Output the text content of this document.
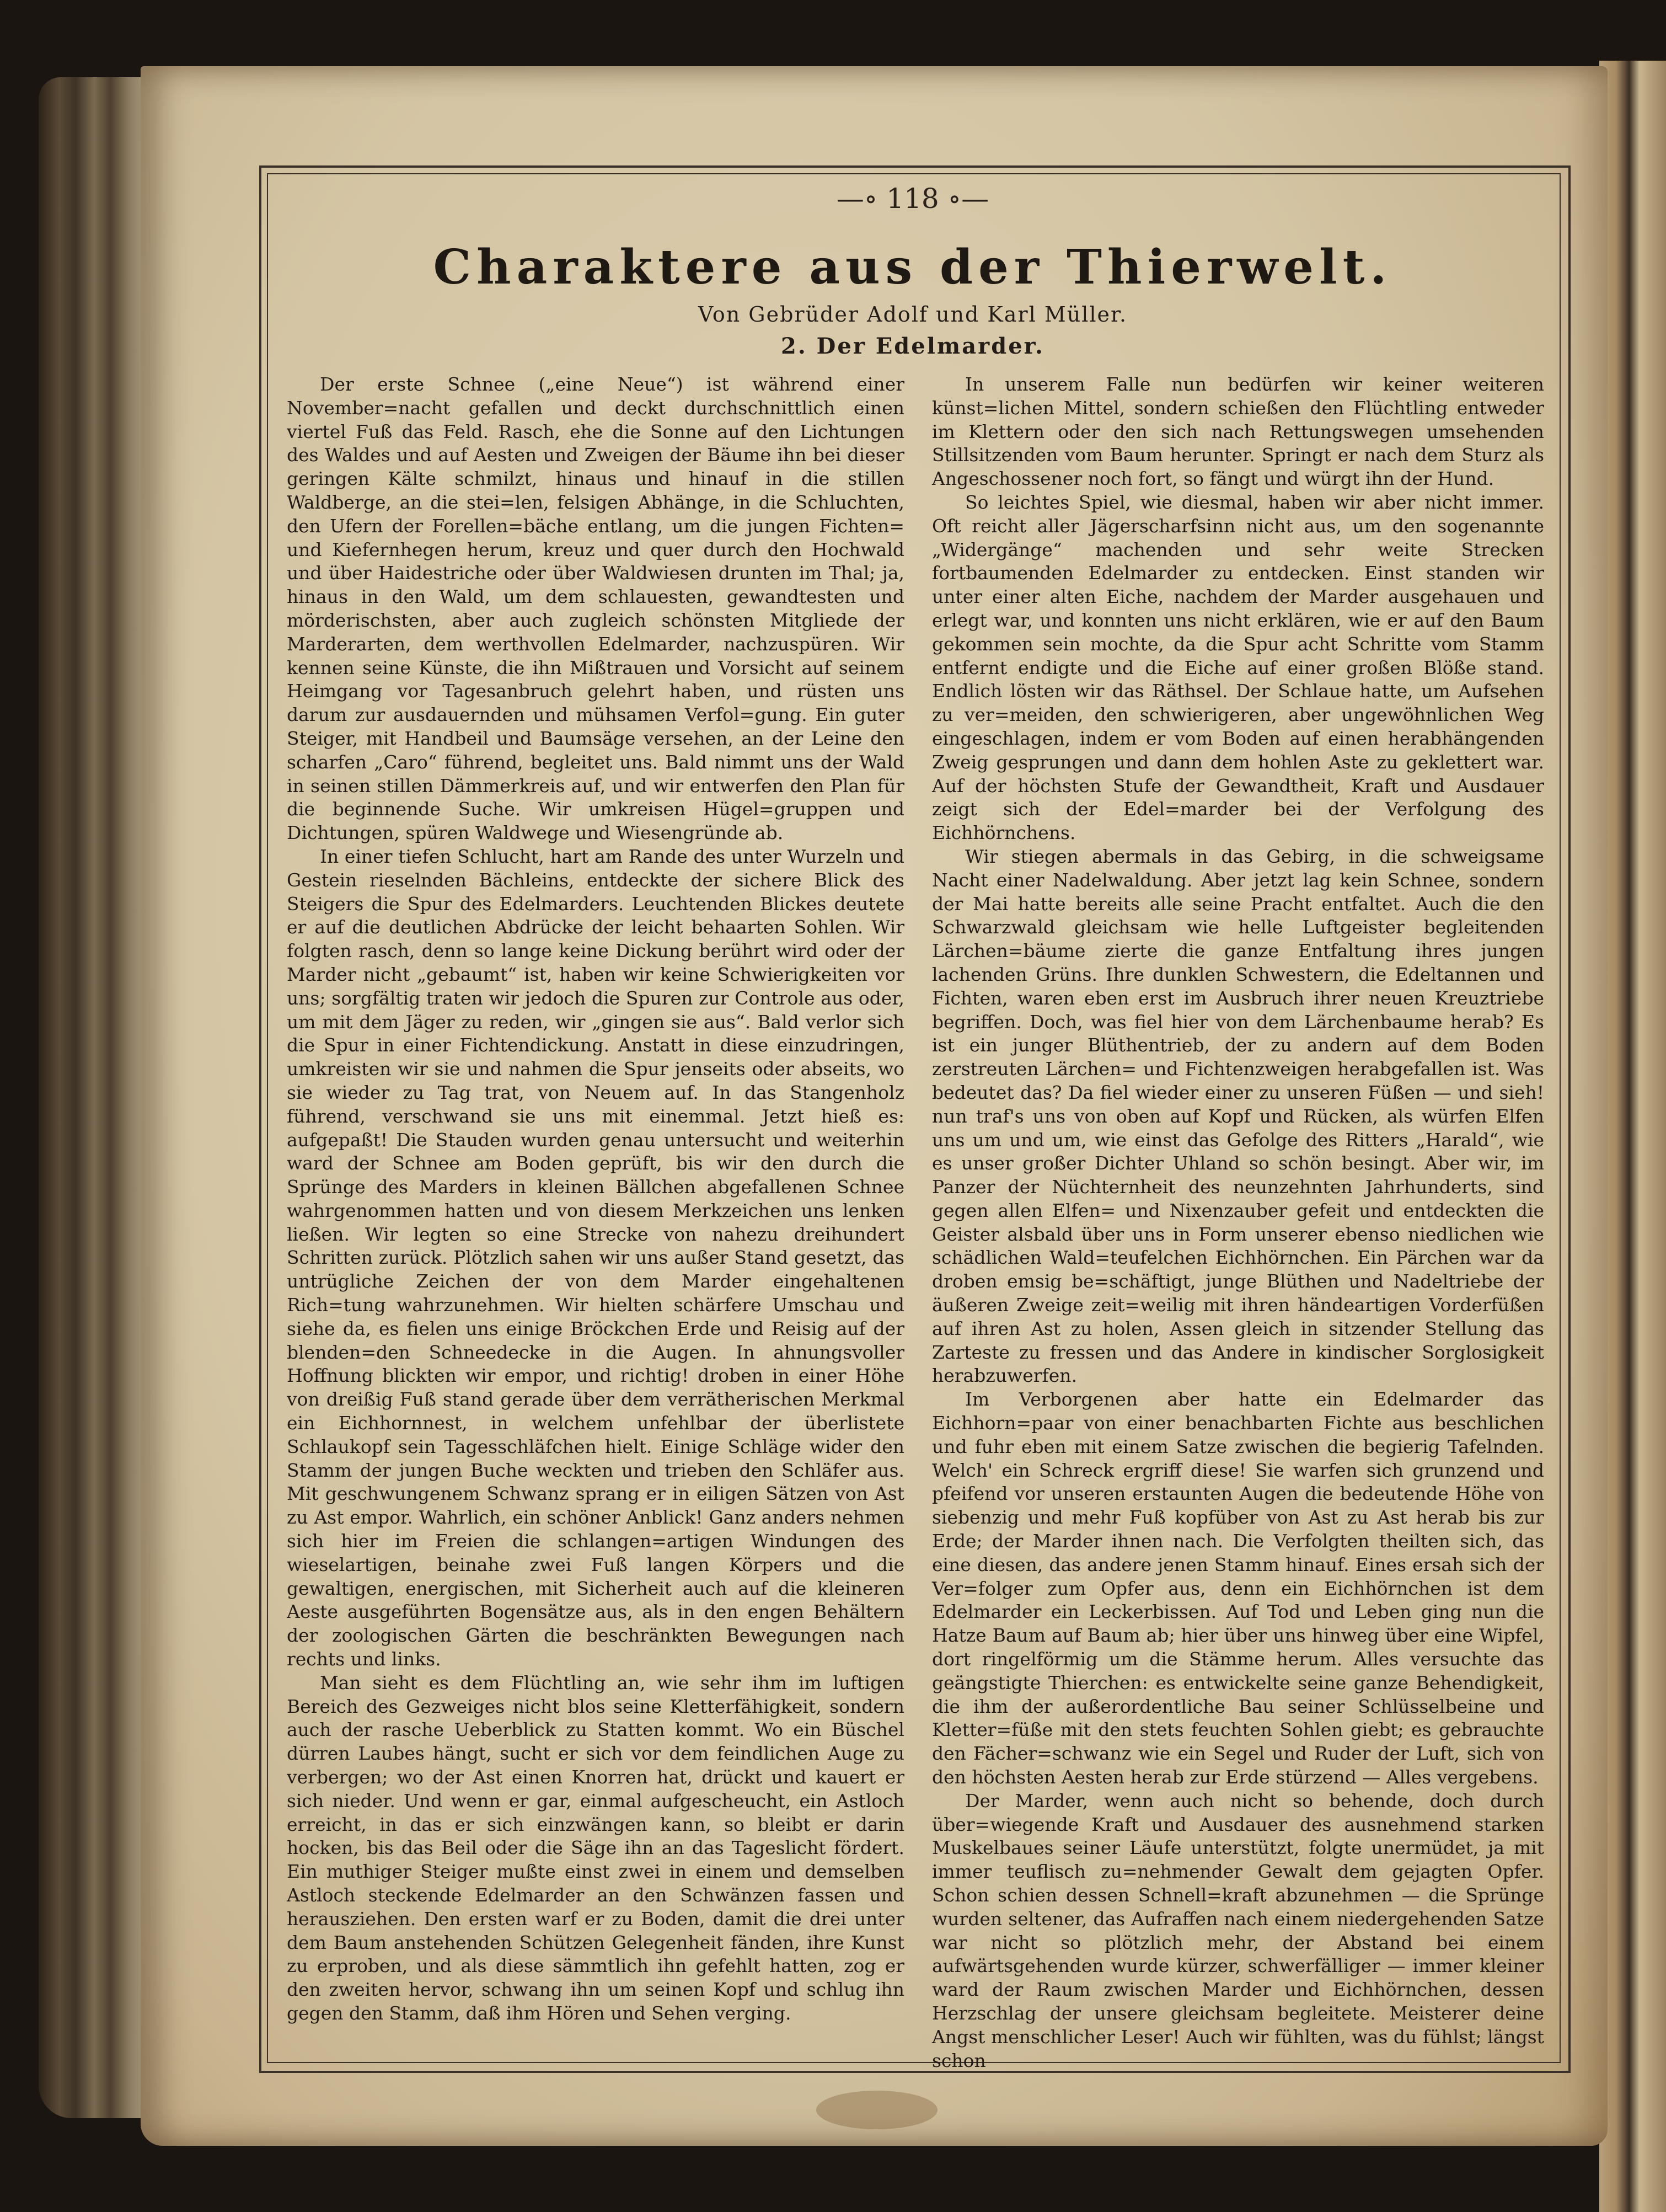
—∘ 118 ∘—
Charaktere aus der Thierwelt.
Von Gebrüder Adolf und Karl Müller.
2. Der Edelmarder.

Der erste Schnee („eine Neue“) ist während einer November=nacht gefallen und deckt durchschnittlich einen viertel Fuß das Feld. Rasch, ehe die Sonne auf den Lichtungen des Waldes und auf Aesten und Zweigen der Bäume ihn bei dieser geringen Kälte schmilzt, hinaus und hinauf in die stillen Waldberge, an die stei=len, felsigen Abhänge, in die Schluchten, den Ufern der Forellen=bäche entlang, um die jungen Fichten= und Kiefernhegen herum, kreuz und quer durch den Hochwald und über Haidestriche oder über Waldwiesen drunten im Thal; ja, hinaus in den Wald, um dem schlauesten, gewandtesten und mörderischsten, aber auch zugleich schönsten Mitgliede der Marderarten, dem werthvollen Edelmarder, nachzuspüren. Wir kennen seine Künste, die ihn Mißtrauen und Vorsicht auf seinem Heimgang vor Tagesanbruch gelehrt haben, und rüsten uns darum zur ausdauernden und mühsamen Verfol=gung. Ein guter Steiger, mit Handbeil und Baumsäge versehen, an der Leine den scharfen „Caro“ führend, begleitet uns. Bald nimmt uns der Wald in seinen stillen Dämmerkreis auf, und wir entwerfen den Plan für die beginnende Suche. Wir umkreisen Hügel=gruppen und Dichtungen, spüren Waldwege und Wiesengründe ab.

In einer tiefen Schlucht, hart am Rande des unter Wurzeln und Gestein rieselnden Bächleins, entdeckte der sichere Blick des Steigers die Spur des Edelmarders. Leuchtenden Blickes deutete er auf die deutlichen Abdrücke der leicht behaarten Sohlen. Wir folgten rasch, denn so lange keine Dickung berührt wird oder der Marder nicht „gebaumt“ ist, haben wir keine Schwierigkeiten vor uns; sorgfältig traten wir jedoch die Spuren zur Controle aus oder, um mit dem Jäger zu reden, wir „gingen sie aus“. Bald verlor sich die Spur in einer Fichtendickung. Anstatt in diese einzudringen, umkreisten wir sie und nahmen die Spur jenseits oder abseits, wo sie wieder zu Tag trat, von Neuem auf. In das Stangenholz führend, verschwand sie uns mit einemmal. Jetzt hieß es: aufgepaßt! Die Stauden wurden genau untersucht und weiterhin ward der Schnee am Boden geprüft, bis wir den durch die Sprünge des Marders in kleinen Bällchen abgefallenen Schnee wahrgenommen hatten und von diesem Merkzeichen uns lenken ließen. Wir legten so eine Strecke von nahezu dreihundert Schritten zurück. Plötzlich sahen wir uns außer Stand gesetzt, das untrügliche Zeichen der von dem Marder eingehaltenen Rich=tung wahrzunehmen. Wir hielten schärfere Umschau und siehe da, es fielen uns einige Bröckchen Erde und Reisig auf der blenden=den Schneedecke in die Augen. In ahnungsvoller Hoffnung blickten wir empor, und richtig! droben in einer Höhe von dreißig Fuß stand gerade über dem verrätherischen Merkmal ein Eichhornnest, in welchem unfehlbar der überlistete Schlaukopf sein Tagesschläfchen hielt. Einige Schläge wider den Stamm der jungen Buche weckten und trieben den Schläfer aus. Mit geschwungenem Schwanz sprang er in eiligen Sätzen von Ast zu Ast empor. Wahrlich, ein schöner Anblick! Ganz anders nehmen sich hier im Freien die schlangen=artigen Windungen des wieselartigen, beinahe zwei Fuß langen Körpers und die gewaltigen, energischen, mit Sicherheit auch auf die kleineren Aeste ausgeführten Bogensätze aus, als in den engen Behältern der zoologischen Gärten die beschränkten Bewegungen nach rechts und links.

Man sieht es dem Flüchtling an, wie sehr ihm im luftigen Bereich des Gezweiges nicht blos seine Kletterfähigkeit, sondern auch der rasche Ueberblick zu Statten kommt. Wo ein Büschel dürren Laubes hängt, sucht er sich vor dem feindlichen Auge zu verbergen; wo der Ast einen Knorren hat, drückt und kauert er sich nieder. Und wenn er gar, einmal aufgescheucht, ein Astloch erreicht, in das er sich einzwängen kann, so bleibt er darin hocken, bis das Beil oder die Säge ihn an das Tageslicht fördert. Ein muthiger Steiger mußte einst zwei in einem und demselben Astloch steckende Edelmarder an den Schwänzen fassen und herausziehen. Den ersten warf er zu Boden, damit die drei unter dem Baum anstehenden Schützen Gelegenheit fänden, ihre Kunst zu erproben, und als diese sämmtlich ihn gefehlt hatten, zog er den zweiten hervor, schwang ihn um seinen Kopf und schlug ihn gegen den Stamm, daß ihm Hören und Sehen verging.

In unserem Falle nun bedürfen wir keiner weiteren künst=lichen Mittel, sondern schießen den Flüchtling entweder im Klettern oder den sich nach Rettungswegen umsehenden Stillsitzenden vom Baum herunter. Springt er nach dem Sturz als Angeschossener noch fort, so fängt und würgt ihn der Hund.

So leichtes Spiel, wie diesmal, haben wir aber nicht immer. Oft reicht aller Jägerscharfsinn nicht aus, um den sogenannte „Widergänge“ machenden und sehr weite Strecken fortbaumenden Edelmarder zu entdecken. Einst standen wir unter einer alten Eiche, nachdem der Marder ausgehauen und erlegt war, und konnten uns nicht erklären, wie er auf den Baum gekommen sein mochte, da die Spur acht Schritte vom Stamm entfernt endigte und die Eiche auf einer großen Blöße stand. Endlich lösten wir das Räthsel. Der Schlaue hatte, um Aufsehen zu ver=meiden, den schwierigeren, aber ungewöhnlichen Weg eingeschlagen, indem er vom Boden auf einen herabhängenden Zweig gesprungen und dann dem hohlen Aste zu geklettert war. Auf der höchsten Stufe der Gewandtheit, Kraft und Ausdauer zeigt sich der Edel=marder bei der Verfolgung des Eichhörnchens.

Wir stiegen abermals in das Gebirg, in die schweigsame Nacht einer Nadelwaldung. Aber jetzt lag kein Schnee, sondern der Mai hatte bereits alle seine Pracht entfaltet. Auch die den Schwarzwald gleichsam wie helle Luftgeister begleitenden Lärchen=bäume zierte die ganze Entfaltung ihres jungen lachenden Grüns. Ihre dunklen Schwestern, die Edeltannen und Fichten, waren eben erst im Ausbruch ihrer neuen Kreuztriebe begriffen. Doch, was fiel hier von dem Lärchenbaume herab? Es ist ein junger Blüthentrieb, der zu andern auf dem Boden zerstreuten Lärchen= und Fichtenzweigen herabgefallen ist. Was bedeutet das? Da fiel wieder einer zu unseren Füßen — und sieh! nun traf's uns von oben auf Kopf und Rücken, als würfen Elfen uns um und um, wie einst das Gefolge des Ritters „Harald“, wie es unser großer Dichter Uhland so schön besingt. Aber wir, im Panzer der Nüchternheit des neunzehnten Jahrhunderts, sind gegen allen Elfen= und Nixenzauber gefeit und entdeckten die Geister alsbald über uns in Form unserer ebenso niedlichen wie schädlichen Wald=teufelchen Eichhörnchen. Ein Pärchen war da droben emsig be=schäftigt, junge Blüthen und Nadeltriebe der äußeren Zweige zeit=weilig mit ihren händeartigen Vorderfüßen auf ihren Ast zu holen, Assen gleich in sitzender Stellung das Zarteste zu fressen und das Andere in kindischer Sorglosigkeit herabzuwerfen.

Im Verborgenen aber hatte ein Edelmarder das Eichhorn=paar von einer benachbarten Fichte aus beschlichen und fuhr eben mit einem Satze zwischen die begierig Tafelnden. Welch' ein Schreck ergriff diese! Sie warfen sich grunzend und pfeifend vor unseren erstaunten Augen die bedeutende Höhe von siebenzig und mehr Fuß kopfüber von Ast zu Ast herab bis zur Erde; der Marder ihnen nach. Die Verfolgten theilten sich, das eine diesen, das andere jenen Stamm hinauf. Eines ersah sich der Ver=folger zum Opfer aus, denn ein Eichhörnchen ist dem Edelmarder ein Leckerbissen. Auf Tod und Leben ging nun die Hatze Baum auf Baum ab; hier über uns hinweg über eine Wipfel, dort ringelförmig um die Stämme herum. Alles versuchte das geängstigte Thierchen: es entwickelte seine ganze Behendigkeit, die ihm der außerordentliche Bau seiner Schlüsselbeine und Kletter=füße mit den stets feuchten Sohlen giebt; es gebrauchte den Fächer=schwanz wie ein Segel und Ruder der Luft, sich von den höchsten Aesten herab zur Erde stürzend — Alles vergebens.

Der Marder, wenn auch nicht so behende, doch durch über=wiegende Kraft und Ausdauer des ausnehmend starken Muskelbaues seiner Läufe unterstützt, folgte unermüdet, ja mit immer teuflisch zu=nehmender Gewalt dem gejagten Opfer. Schon schien dessen Schnell=kraft abzunehmen — die Sprünge wurden seltener, das Aufraffen nach einem niedergehenden Satze war nicht so plötzlich mehr, der Abstand bei einem aufwärtsgehenden wurde kürzer, schwerfälliger — immer kleiner ward der Raum zwischen Marder und Eichhörnchen, dessen Herzschlag der unsere gleichsam begleitete. Meisterer deine Angst menschlicher Leser! Auch wir fühlten, was du fühlst; längst schon
